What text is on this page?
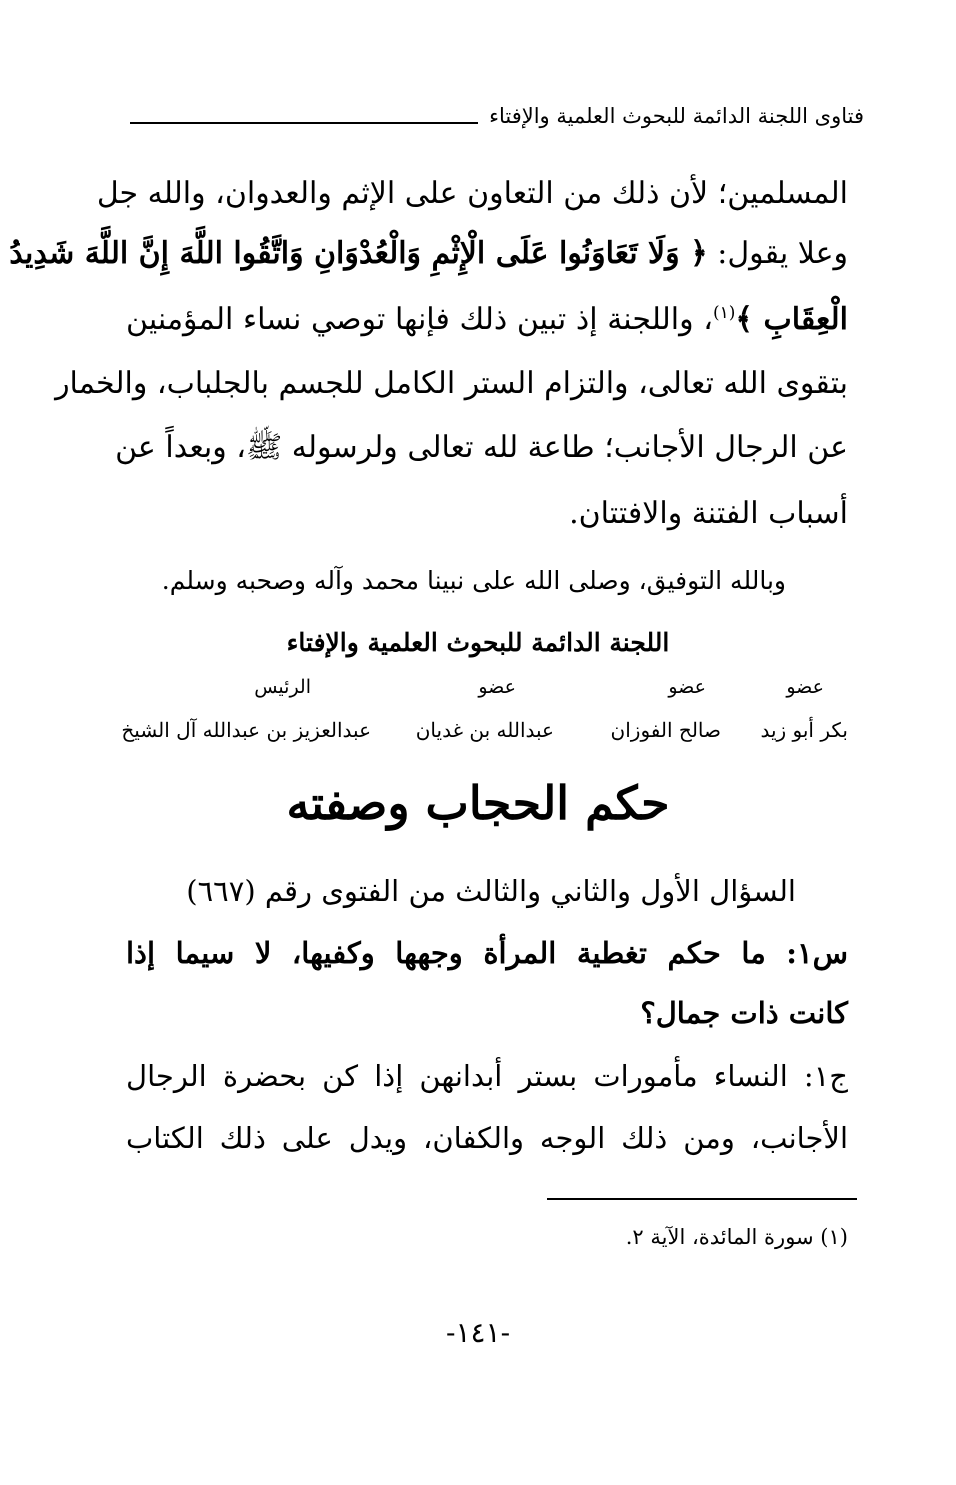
فتاوى اللجنة الدائمة للبحوث العلمية والإفتاء
المسلمين؛ لأن ذلك من التعاون على الإثم والعدوان، والله جل
وعلا يقول: ﴿ وَلَا تَعَاوَنُوا عَلَى الْإِثْمِ وَالْعُدْوَانِ وَاتَّقُوا اللَّهَ إِنَّ اللَّهَ شَدِيدُ
الْعِقَابِ ﴾$^{(١)}$، واللجنة إذ تبين ذلك فإنها توصي نساء المؤمنين
بتقوى الله تعالى، والتزام الستر الكامل للجسم بالجلباب، والخمار
عن الرجال الأجانب؛ طاعة لله تعالى ولرسوله ﷺ، وبعداً عن
أسباب الفتنة والافتتان.
وبالله التوفيق، وصلى الله على نبينا محمد وآله وصحبه وسلم.
اللجنة الدائمة للبحوث العلمية والإفتاء
عضو
عضو
عضو
الرئيس
بكر أبو زيد
صالح الفوزان
عبدالله بن غديان
عبدالعزيز بن عبدالله آل الشيخ
حكم الحجاب وصفته
السؤال الأول والثاني والثالث من الفتوى رقم (٦٦٧)
س١: ما حكم تغطية المرأة وجهها وكفيها، لا سيما إذا
كانت ذات جمال؟
ج١: النساء مأمورات بستر أبدانهن إذا كن بحضرة الرجال
الأجانب، ومن ذلك الوجه والكفان، ويدل على ذلك الكتاب
(١) سورة المائدة، الآية ٢.
-١٤١-
